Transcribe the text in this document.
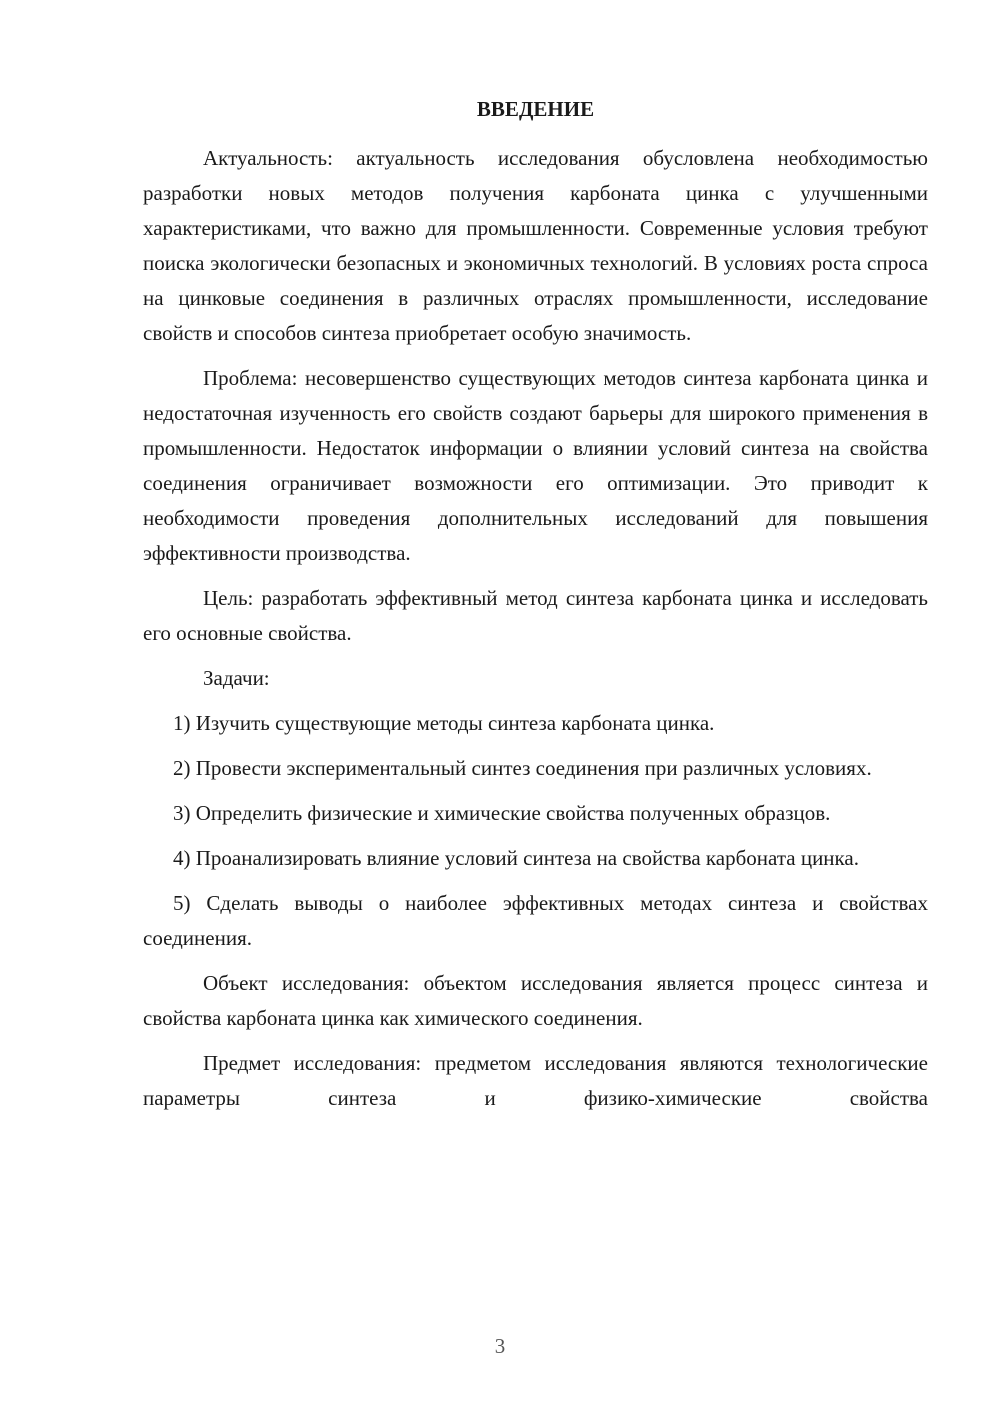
ВВЕДЕНИЕ

Актуальность: актуальность исследования обусловлена необходимостью разработки новых методов получения карбоната цинка с улучшенными характеристиками, что важно для промышленности. Современные условия требуют поиска экологически безопасных и экономичных технологий. В условиях роста спроса на цинковые соединения в различных отраслях промышленности, исследование свойств и способов синтеза приобретает особую значимость.

Проблема: несовершенство существующих методов синтеза карбоната цинка и недостаточная изученность его свойств создают барьеры для широкого применения в промышленности. Недостаток информации о влиянии условий синтеза на свойства соединения ограничивает возможности его оптимизации. Это приводит к необходимости проведения дополнительных исследований для повышения эффективности производства.

Цель: разработать эффективный метод синтеза карбоната цинка и исследовать его основные свойства.

Задачи:

1) Изучить существующие методы синтеза карбоната цинка.

2) Провести экспериментальный синтез соединения при различных условиях.

3) Определить физические и химические свойства полученных образцов.

4) Проанализировать влияние условий синтеза на свойства карбоната цинка.

5) Сделать выводы о наиболее эффективных методах синтеза и свойствах соединения.

Объект исследования: объектом исследования является процесс синтеза и свойства карбоната цинка как химического соединения.

Предмет исследования: предметом исследования являются технологические параметры синтеза и физико-химические свойства

3
